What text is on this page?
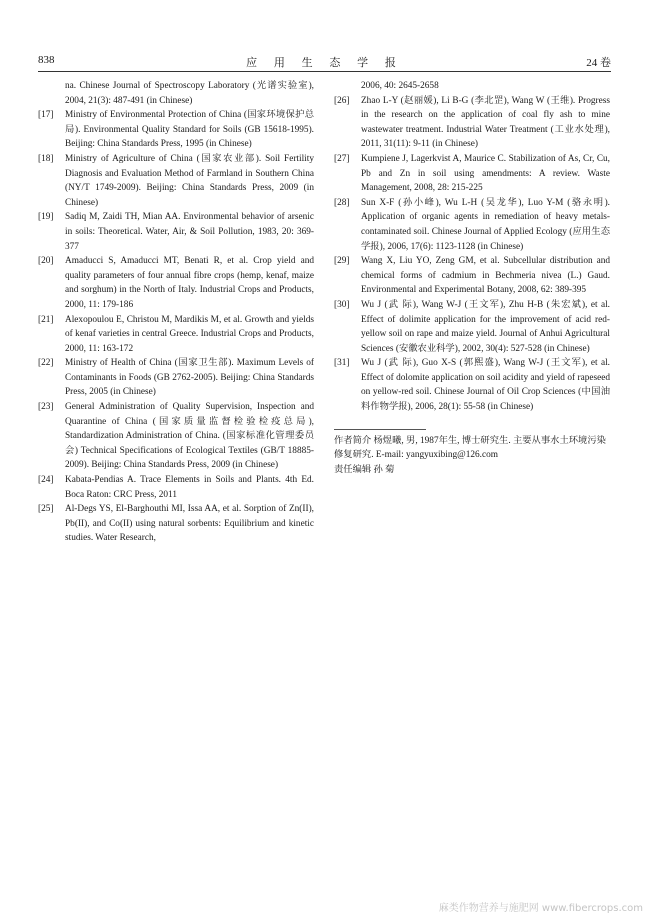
838	应 用 生 态 学 报	24 卷
na. Chinese Journal of Spectroscopy Laboratory (光谱实验室), 2004, 21(3): 487-491 (in Chinese)
[17] Ministry of Environmental Protection of China (国家环境保护总局). Environmental Quality Standard for Soils (GB 15618-1995). Beijing: China Standards Press, 1995 (in Chinese)
[18] Ministry of Agriculture of China (国家农业部). Soil Fertility Diagnosis and Evaluation Method of Farmland in Southern China (NY/T 1749-2009). Beijing: China Standards Press, 2009 (in Chinese)
[19] Sadiq M, Zaidi TH, Mian AA. Environmental behavior of arsenic in soils: Theoretical. Water, Air, & Soil Pollution, 1983, 20: 369-377
[20] Amaducci S, Amaducci MT, Benati R, et al. Crop yield and quality parameters of four annual fibre crops (hemp, kenaf, maize and sorghum) in the North of Italy. Industrial Crops and Products, 2000, 11: 179-186
[21] Alexopoulou E, Christou M, Mardikis M, et al. Growth and yields of kenaf varieties in central Greece. Industrial Crops and Products, 2000, 11: 163-172
[22] Ministry of Health of China (国家卫生部). Maximum Levels of Contaminants in Foods (GB 2762-2005). Beijing: China Standards Press, 2005 (in Chinese)
[23] General Administration of Quality Supervision, Inspection and Quarantine of China (国家质量监督检验检疫总局), Standardization Administration of China. (国家标准化管理委员会) Technical Specifications of Ecological Textiles (GB/T 18885-2009). Beijing: China Standards Press, 2009 (in Chinese)
[24] Kabata-Pendias A. Trace Elements in Soils and Plants. 4th Ed. Boca Raton: CRC Press, 2011
[25] Al-Degs YS, El-Barghouthi MI, Issa AA, et al. Sorption of Zn(II), Pb(II), and Co(II) using natural sorbents: Equilibrium and kinetic studies. Water Research,
2006, 40: 2645-2658
[26] Zhao L-Y (赵丽媛), Li B-G (李北罡), Wang W (王维). Progress in the research on the application of coal fly ash to mine wastewater treatment. Industrial Water Treatment (工业水处理), 2011, 31(11): 9-11 (in Chinese)
[27] Kumpiene J, Lagerkvist A, Maurice C. Stabilization of As, Cr, Cu, Pb and Zn in soil using amendments: A review. Waste Management, 2008, 28: 215-225
[28] Sun X-F (孙小峰), Wu L-H (吴龙华), Luo Y-M (骆永明). Application of organic agents in remediation of heavy metals-contaminated soil. Chinese Journal of Applied Ecology (应用生态学报), 2006, 17(6): 1123-1128 (in Chinese)
[29] Wang X, Liu YO, Zeng GM, et al. Subcellular distribution and chemical forms of cadmium in Bechmeria nivea (L.) Gaud. Environmental and Experimental Botany, 2008, 62: 389-395
[30] Wu J (武 际), Wang W-J (王文军), Zhu H-B (朱宏斌), et al. Effect of dolimite application for the improvement of acid red-yellow soil on rape and maize yield. Journal of Anhui Agricultural Sciences (安徽农业科学), 2002, 30(4): 527-528 (in Chinese)
[31] Wu J (武 际), Guo X-S (郭熙盛), Wang W-J (王文军), et al. Effect of dolomite application on soil acidity and yield of rapeseed on yellow-red soil. Chinese Journal of Oil Crop Sciences (中国油料作物学报), 2006, 28(1): 55-58 (in Chinese)
作者简介 杨煜曦, 男, 1987年生, 博士研究生. 主要从事水土环境污染修复研究. E-mail: yangyuxibing@126.com
责任编辑 孙 菊
麻类作物营养与施肥网 www.fibercrops.com
